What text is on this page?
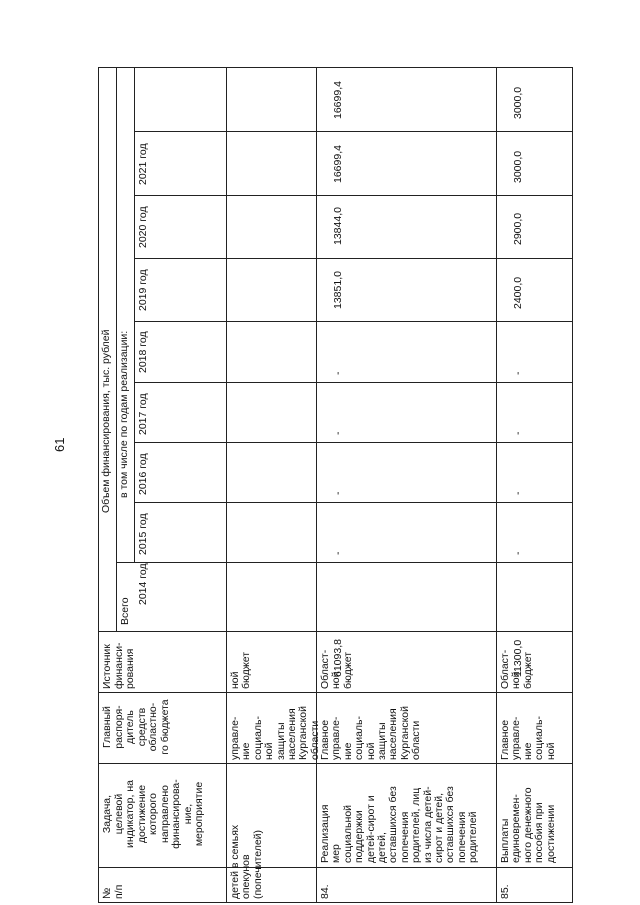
61
№
п/п
Задача,
целевой
индикатор, на
достижение
которого
направлено
финансирова-
ние,
мероприятие
Главный
распоря-
дитель
средств
областно-
го бюджета
Источник
финанси-
рования
Объем финансирования, тыс. рублей в том числе по годам реализации:
Всего
2014 год
2015 год
2016 год
2017 год
2018 год
2019 год
2020 год
2021 год
детей в семьях
опекунов
(попечителей)
управле-
ние
социаль-
ной
защиты
населения
Курганской
области
ной
бюджет
84.
Реализация
мер
социальной
поддержки
детей-сирот и
детей,
оставшихся без
попечения
родителей, лиц
из числа детей-
сирот и детей,
оставшихся без
попечения
родителей
Главное
управле-
ние
социаль-
ной
защиты
населения
Курганской
области
Област-
ной
бюджет
61093,8
-
-
-
-
13851,0
13844,0
16699,4
16699,4
85.
Выплаты
единовремен-
ного денежного
пособия при
достижении
Главное
управле-
ние
социаль-
ной
Област-
ной
бюджет
11300,0
-
-
-
-
2400,0
2900,0
3000,0
3000,0
